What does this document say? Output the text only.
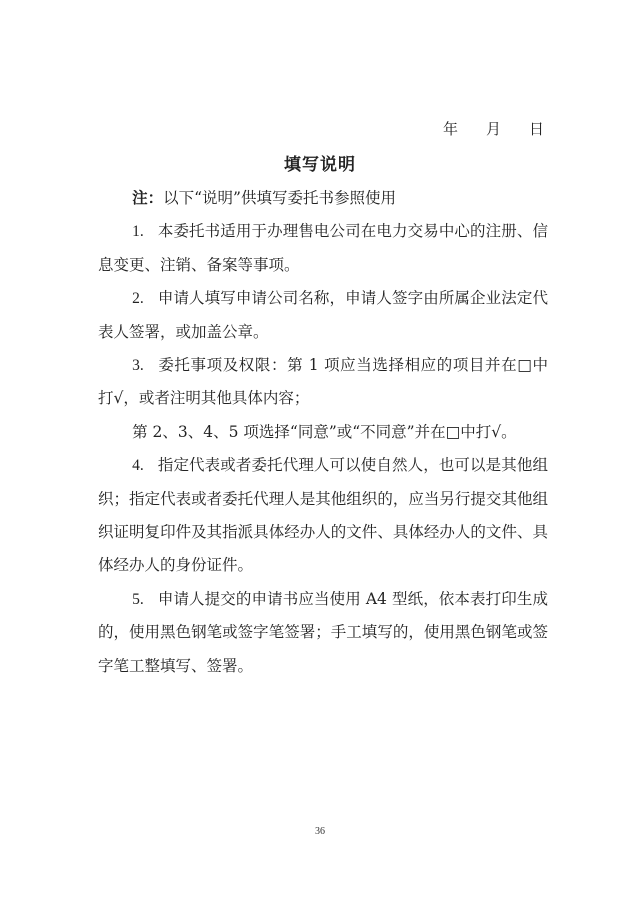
年 月 日
填写说明

注：以下“说明”供填写委托书参照使用

1. 本委托书适用于办理售电公司在电力交易中心的注册、信息变更、注销、备案等事项。

2. 申请人填写申请公司名称，申请人签字由所属企业法定代表人签署，或加盖公章。

3. 委托事项及权限：第 1 项应当选择相应的项目并在□中打√，或者注明其他具体内容；

第 2、3、4、5 项选择“同意”或“不同意”并在□中打√。

4. 指定代表或者委托代理人可以使自然人，也可以是其他组织；指定代表或者委托代理人是其他组织的，应当另行提交其他组织证明复印件及其指派具体经办人的文件、具体经办人的文件、具体经办人的身份证件。

5. 申请人提交的申请书应当使用 A4 型纸，依本表打印生成的，使用黑色钢笔或签字笔签署；手工填写的，使用黑色钢笔或签字笔工整填写、签署。

36
